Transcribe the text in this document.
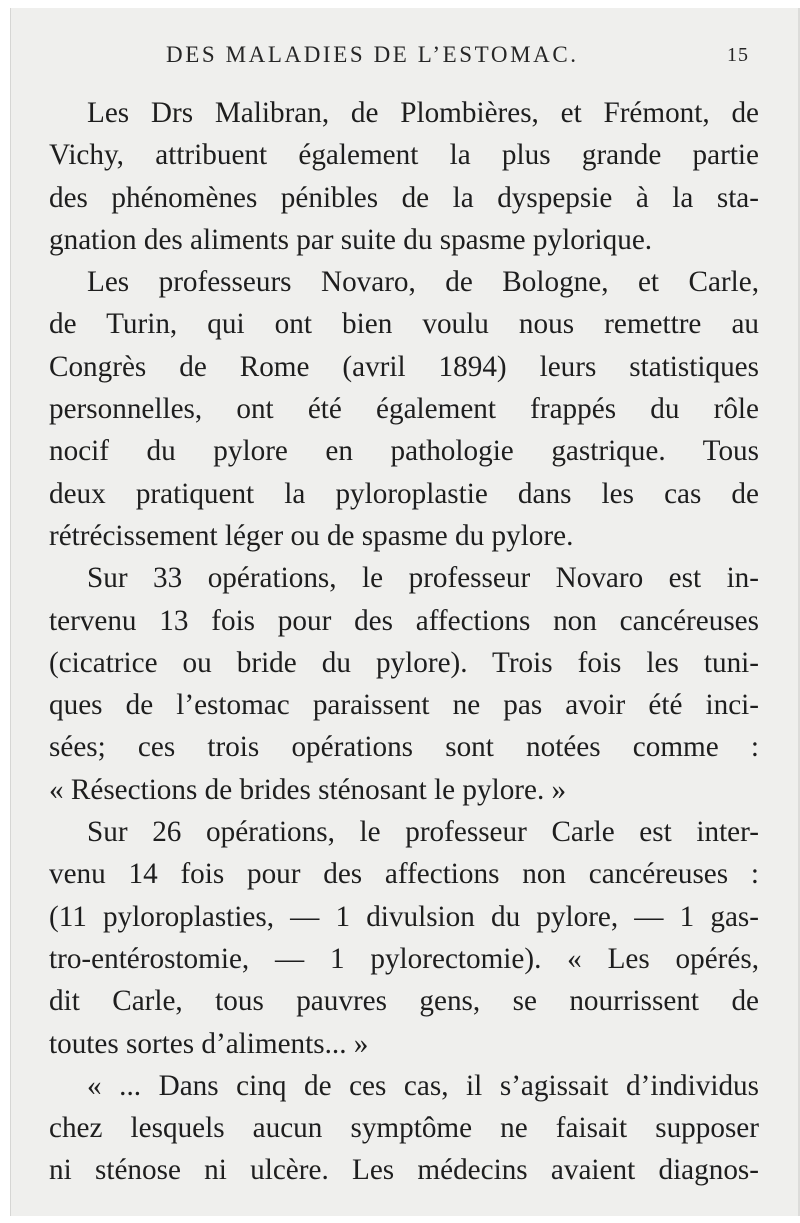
DES MALADIES DE L’ESTOMAC.	15
Les Drs Malibran, de Plombières, et Frémont, de
Vichy, attribuent également la plus grande partie
des phénomènes pénibles de la dyspepsie à la sta-
gnation des aliments par suite du spasme pylorique.
Les professeurs Novaro, de Bologne, et Carle,
de Turin, qui ont bien voulu nous remettre au
Congrès de Rome (avril 1894) leurs statistiques
personnelles, ont été également frappés du rôle
nocif du pylore en pathologie gastrique. Tous
deux pratiquent la pyloroplastie dans les cas de
rétrécissement léger ou de spasme du pylore.
Sur 33 opérations, le professeur Novaro est in-
tervenu 13 fois pour des affections non cancéreuses
(cicatrice ou bride du pylore). Trois fois les tuni-
ques de l’estomac paraissent ne pas avoir été inci-
sées; ces trois opérations sont notées comme :
« Résections de brides sténosant le pylore. »
Sur 26 opérations, le professeur Carle est inter-
venu 14 fois pour des affections non cancéreuses :
(11 pyloroplasties, — 1 divulsion du pylore, — 1 gas-
tro-entérostomie, — 1 pylorectomie). « Les opérés,
dit Carle, tous pauvres gens, se nourrissent de
toutes sortes d’aliments... »
« ... Dans cinq de ces cas, il s’agissait d’individus
chez lesquels aucun symptôme ne faisait supposer
ni sténose ni ulcère. Les médecins avaient diagnos-
